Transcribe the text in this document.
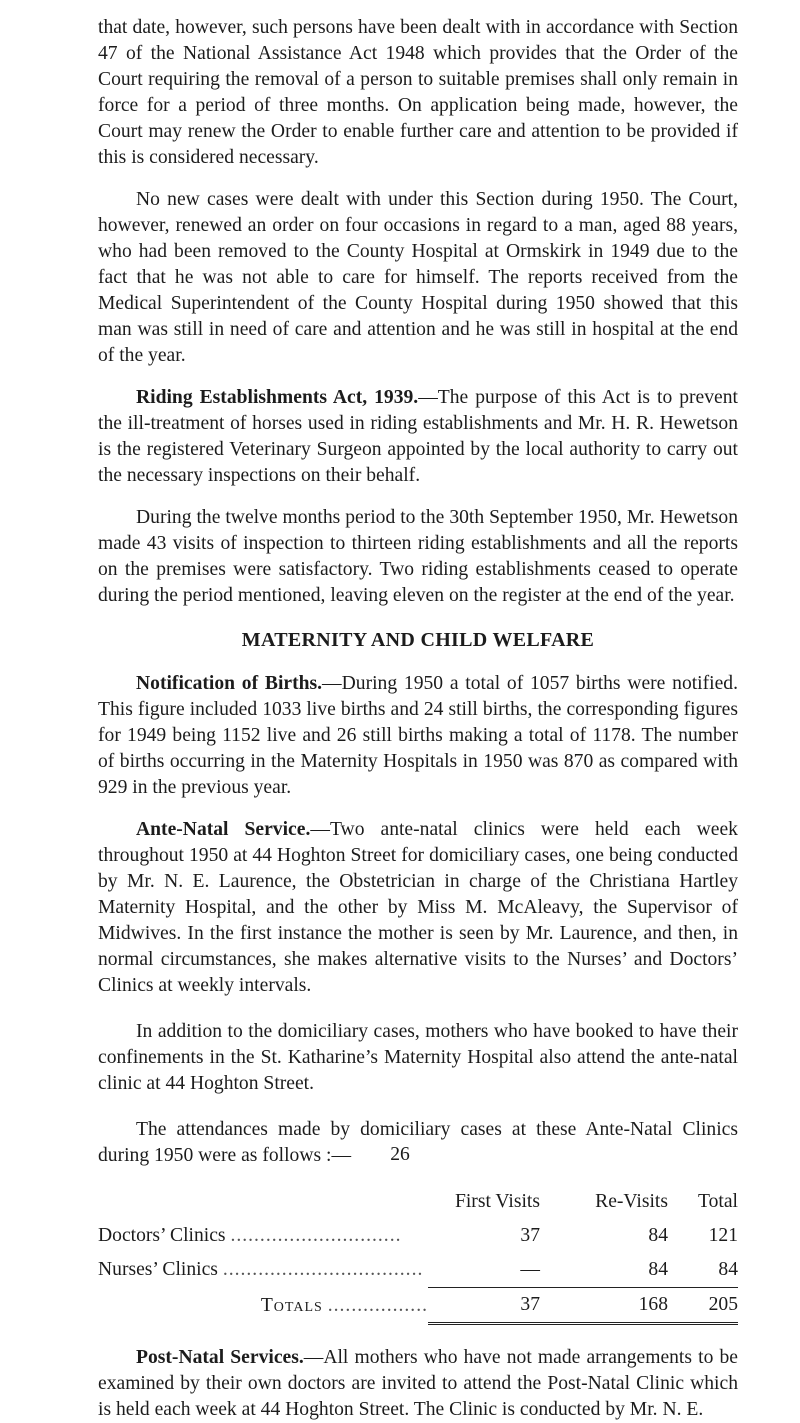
that date, however, such persons have been dealt with in accordance with Section 47 of the National Assistance Act 1948 which provides that the Order of the Court requiring the removal of a person to suitable premises shall only remain in force for a period of three months. On application being made, however, the Court may renew the Order to enable further care and attention to be provided if this is considered necessary.

No new cases were dealt with under this Section during 1950. The Court, however, renewed an order on four occasions in regard to a man, aged 88 years, who had been removed to the County Hospital at Ormskirk in 1949 due to the fact that he was not able to care for himself. The reports received from the Medical Superintendent of the County Hospital during 1950 showed that this man was still in need of care and attention and he was still in hospital at the end of the year.

Riding Establishments Act, 1939.—The purpose of this Act is to prevent the ill-treatment of horses used in riding establishments and Mr. H. R. Hewetson is the registered Veterinary Surgeon appointed by the local authority to carry out the necessary inspections on their behalf.

During the twelve months period to the 30th September 1950, Mr. Hewetson made 43 visits of inspection to thirteen riding establishments and all the reports on the premises were satisfactory. Two riding establishments ceased to operate during the period mentioned, leaving eleven on the register at the end of the year.

MATERNITY AND CHILD WELFARE

Notification of Births.—During 1950 a total of 1057 births were notified. This figure included 1033 live births and 24 still births, the corresponding figures for 1949 being 1152 live and 26 still births making a total of 1178. The number of births occurring in the Maternity Hospitals in 1950 was 870 as compared with 929 in the previous year.

Ante-Natal Service.—Two ante-natal clinics were held each week throughout 1950 at 44 Hoghton Street for domiciliary cases, one being conducted by Mr. N. E. Laurence, the Obstetrician in charge of the Christiana Hartley Maternity Hospital, and the other by Miss M. McAleavy, the Supervisor of Midwives. In the first instance the mother is seen by Mr. Laurence, and then, in normal circumstances, she makes alternative visits to the Nurses’ and Doctors’ Clinics at weekly intervals.

In addition to the domiciliary cases, mothers who have booked to have their confinements in the St. Katharine’s Maternity Hospital also attend the ante-natal clinic at 44 Hoghton Street.

The attendances made by domiciliary cases at these Ante-Natal Clinics during 1950 were as follows :—

	First Visits	Re-Visits	Total
Doctors’ Clinics .............................	37	84	121
Nurses’ Clinics ..................................	—	84	84
Totals .................	37	168	205

Post-Natal Services.—All mothers who have not made arrangements to be examined by their own doctors are invited to attend the Post-Natal Clinic which is held each week at 44 Hoghton Street. The Clinic is conducted by Mr. N. E.

26
